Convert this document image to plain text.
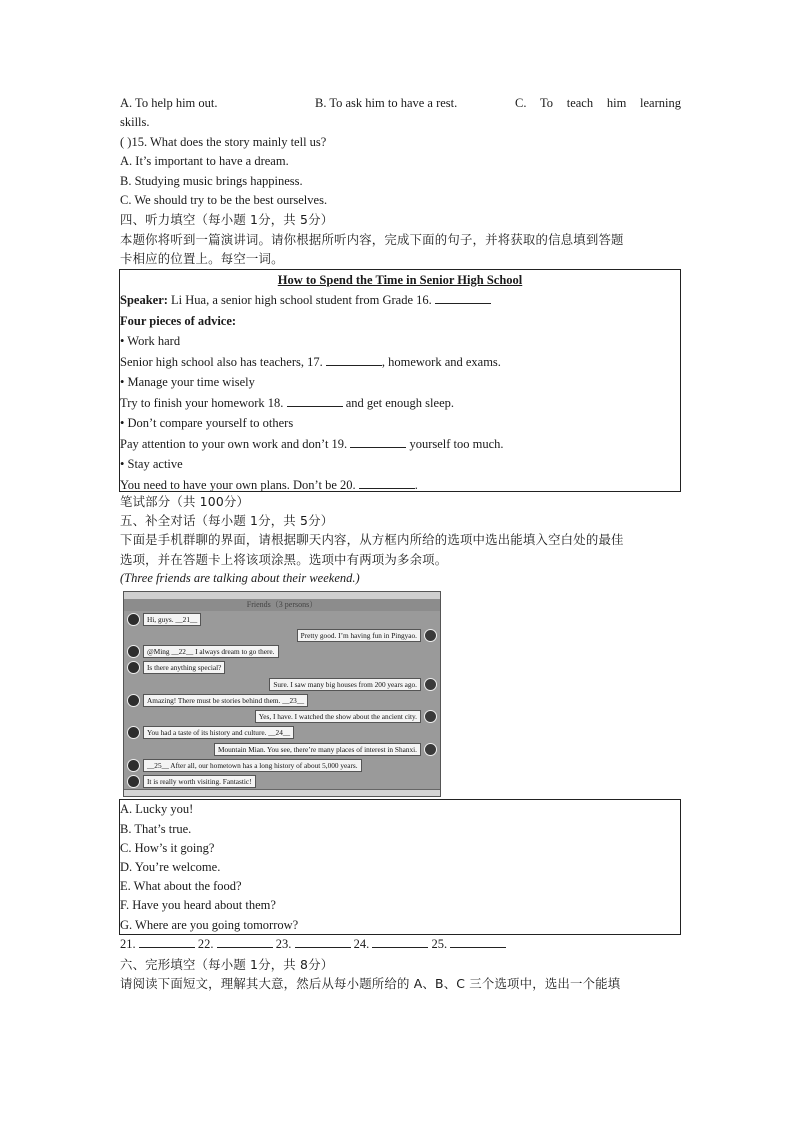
A. To help him out.	B. To ask him to have a rest.	C. To teach him learning
skills.
( )15. What does the story mainly tell us?
A. It’s important to have a dream.
B. Studying music brings happiness.
C. We should try to be the best ourselves.
四、听力填空（每小题 1分，共 5分）
本题你将听到一篇演讲词。请你根据所听内容，完成下面的句子，并将获取的信息填到答题
卡相应的位置上。每空一词。
How to Spend the Time in Senior High School
Speaker: Li Hua, a senior high school student from Grade 16.
Four pieces of advice:
• Work hard
Senior high school also has teachers, 17.	, homework and exams.
• Manage your time wisely
Try to finish your homework 18.	and get enough sleep.
• Don’t compare yourself to others
Pay attention to your own work and don’t 19.	yourself too much.
• Stay active
You need to have your own plans. Don’t be 20.	.
笔试部分（共 100分）
五、补全对话（每小题 1分，共 5分）
下面是手机群聊的界面，请根据聊天内容，从方框内所给的选项中选出能填入空白处的最佳
选项，并在答题卡上将该项涂黑。选项中有两项为多余项。
(Three friends are talking about their weekend.)
Friends（3 persons）
Hi, guys. __21__
Pretty good. I’m having fun in Pingyao.
@Ming __22__ I always dream to go there.
Is there anything special?
Sure. I saw many big houses from 200 years ago.
Amazing! There must be stories behind them. __23__
Yes, I have. I watched the show about the ancient city.
You had a taste of its history and culture. __24__
Mountain Mian. You see, there’re many places of interest in Shanxi.
__25__ After all, our hometown has a long history of about 5,000 years.
It is really worth visiting. Fantastic!
A. Lucky you!
B. That’s true.
C. How’s it going?
D. You’re welcome.
E. What about the food?
F. Have you heard about them?
G. Where are you going tomorrow?
21.	22.	23.	24.	25.
六、完形填空（每小题 1分，共 8分）
请阅读下面短文，理解其大意，然后从每小题所给的 A、B、C 三个选项中，选出一个能填
